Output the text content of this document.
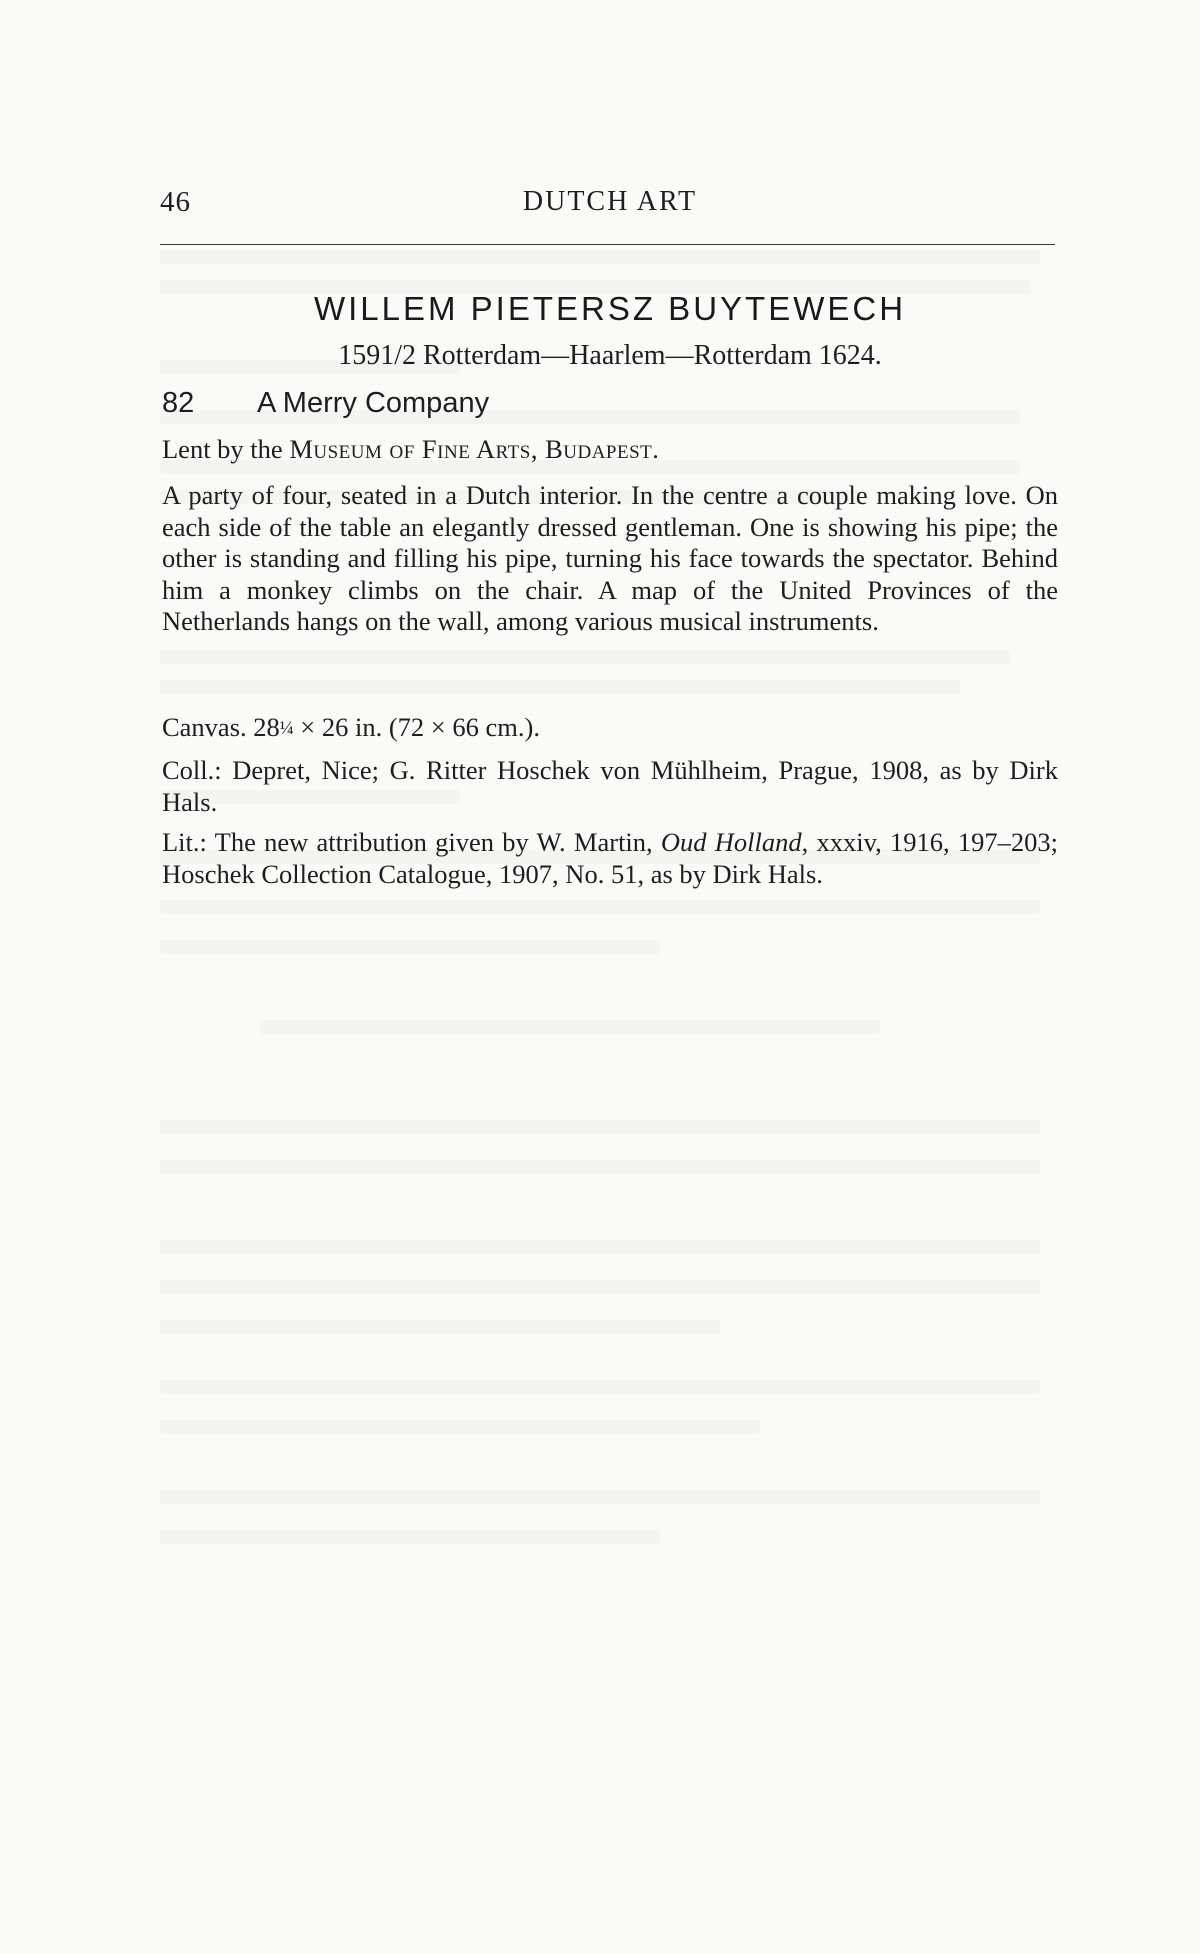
46	DUTCH ART
WILLEM PIETERSZ BUYTEWECH
1591/2 Rotterdam—Haarlem—Rotterdam 1624.
82 A Merry Company
Lent by the Museum of Fine Arts, Budapest.
A party of four, seated in a Dutch interior. In the centre a couple making love. On each side of the table an elegantly dressed gentleman. One is showing his pipe; the other is standing and filling his pipe, turning his face towards the spectator. Behind him a monkey climbs on the chair. A map of the United Provinces of the Netherlands hangs on the wall, among various musical instruments.
Canvas. 28¼ × 26 in. (72 × 66 cm.).
Coll.: Depret, Nice; G. Ritter Hoschek von Mühlheim, Prague, 1908, as by Dirk Hals.
Lit.: The new attribution given by W. Martin, Oud Holland, xxxiv, 1916, 197–203; Hoschek Collection Catalogue, 1907, No. 51, as by Dirk Hals.
